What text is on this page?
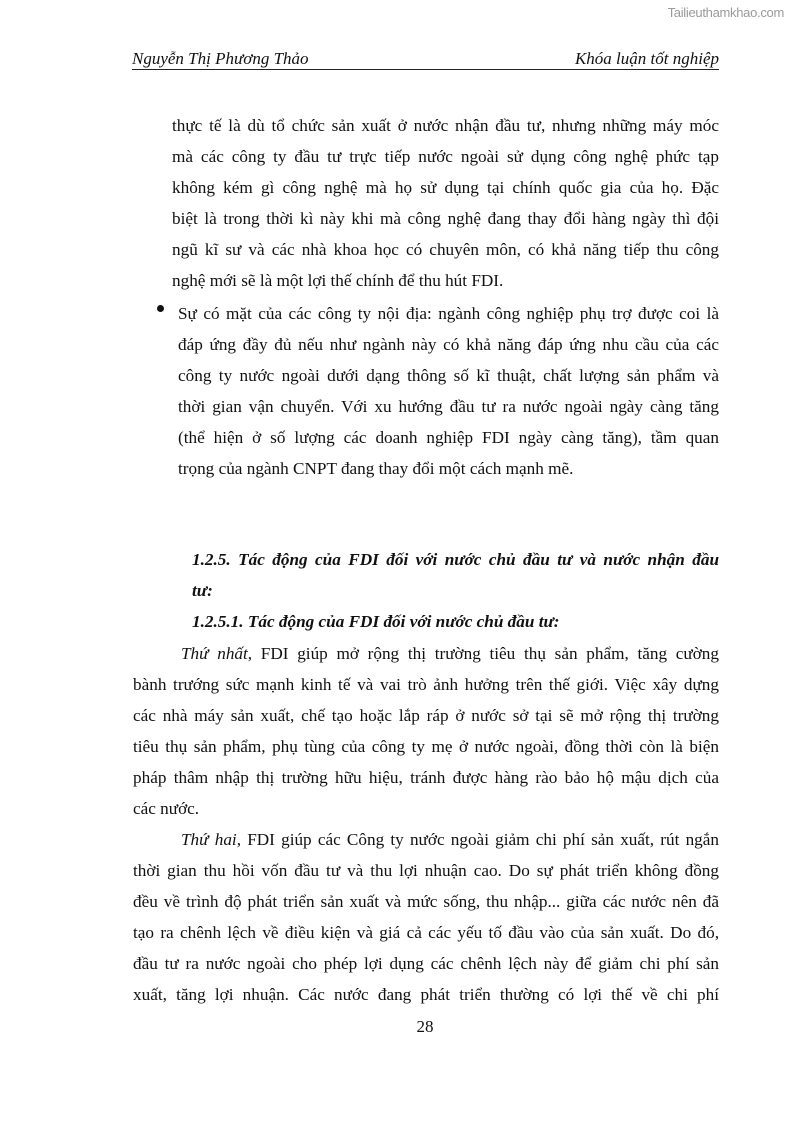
Tailieuthamkhao.com
Nguyễn Thị Phương Thảo	Khóa luận tốt nghiệp
thực tế là dù tổ chức sản xuất ở nước nhận đầu tư, nhưng những máy móc
mà các công ty đầu tư trực tiếp nước ngoài sử dụng công nghệ phức tạp
không kém gì công nghệ mà họ sử dụng tại chính quốc gia của họ. Đặc
biệt là trong thời kì này khi mà công nghệ đang thay đổi hàng ngày thì đội
ngũ kĩ sư và các nhà khoa học có chuyên môn, có khả năng tiếp thu công
nghệ mới sẽ là một lợi thế chính để thu hút FDI.
Sự có mặt của các công ty nội địa: ngành công nghiệp phụ trợ được coi là
đáp ứng đầy đủ nếu như ngành này có khả năng đáp ứng nhu cầu của các
công ty nước ngoài dưới dạng thông số kĩ thuật, chất lượng sản phẩm và
thời gian vận chuyển. Với xu hướng đầu tư ra nước ngoài ngày càng tăng
(thể hiện ở số lượng các doanh nghiệp FDI ngày càng tăng), tầm quan
trọng của ngành CNPT đang thay đổi một cách mạnh mẽ.
1.2.5. Tác động của FDI đối với nước chủ đầu tư và nước nhận đầu
tư:
1.2.5.1. Tác động của FDI đối với nước chủ đầu tư:
Thứ nhất, FDI giúp mở rộng thị trường tiêu thụ sản phẩm, tăng cường
bành trướng sức mạnh kinh tế và vai trò ảnh hưởng trên thế giới. Việc xây dựng
các nhà máy sản xuất, chế tạo hoặc lắp ráp ở nước sở tại sẽ mở rộng thị trường
tiêu thụ sản phẩm, phụ tùng của công ty mẹ ở nước ngoài, đồng thời còn là biện
pháp thâm nhập thị trường hữu hiệu, tránh được hàng rào bảo hộ mậu dịch của
các nước.
Thứ hai, FDI giúp các Công ty nước ngoài giảm chi phí sản xuất, rút ngắn
thời gian thu hồi vốn đầu tư và thu lợi nhuận cao. Do sự phát triển không đồng
đều về trình độ phát triển sản xuất và mức sống, thu nhập... giữa các nước nên đã
tạo ra chênh lệch về điều kiện và giá cả các yếu tố đầu vào của sản xuất. Do đó,
đầu tư ra nước ngoài cho phép lợi dụng các chênh lệch này để giảm chi phí sản
xuất, tăng lợi nhuận. Các nước đang phát triển thường có lợi thế về chi phí
28
